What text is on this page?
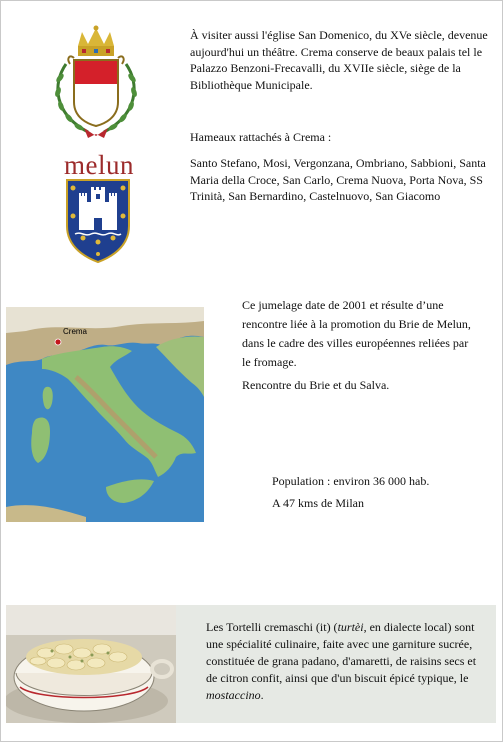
À visiter aussi l'église San Domenico, du XVe siècle, devenue aujourd'hui un théâtre. Crema conserve de beaux palais tel le Palazzo Benzoni-Frecavalli, du XVIIe siècle, siège de la Bibliothèque Municipale.

Hameaux rattachés à Crema :

Santo Stefano, Mosi, Vergonzana, Ombriano, Sabbioni, Santa Maria della Croce, San Carlo, Crema Nuova, Porta Nova, SS Trinità, San Bernardino, Castelnuovo, San Giacomo

melun
Crema

Ce jumelage date de 2001 et résulte d’une rencontre liée à la promotion du Brie de Melun, dans le cadre des villes européennes reliées par le fromage.

Rencontre du Brie et du Salva.

Population : environ 36 000 hab.

A 47 kms de Milan

Les Tortelli cremaschi (it) (turtèi, en dialecte local) sont une spécialité culinaire, faite avec une garniture sucrée, constituée de grana padano, d'amaretti, de raisins secs et de citron confit, ainsi que d'un biscuit épicé typique, le mostaccino.
